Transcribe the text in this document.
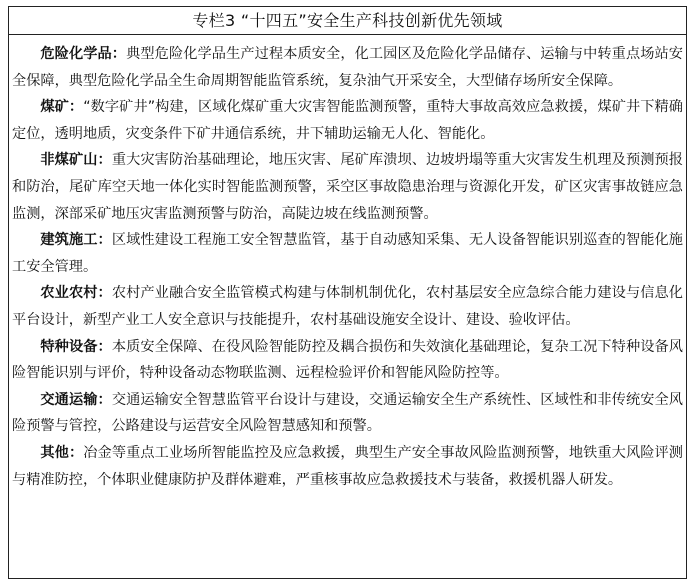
专栏3 “十四五”安全生产科技创新优先领域

危险化学品：典型危险化学品生产过程本质安全，化工园区及危险化学品储存、运输与中转重点场站安全保障，典型危险化学品全生命周期智能监管系统，复杂油气开采安全，大型储存场所安全保障。

煤矿：“数字矿井”构建，区域化煤矿重大灾害智能监测预警，重特大事故高效应急救援，煤矿井下精确定位，透明地质，灾变条件下矿井通信系统，井下辅助运输无人化、智能化。

非煤矿山：重大灾害防治基础理论，地压灾害、尾矿库溃坝、边坡坍塌等重大灾害发生机理及预测预报和防治，尾矿库空天地一体化实时智能监测预警，采空区事故隐患治理与资源化开发，矿区灾害事故链应急监测，深部采矿地压灾害监测预警与防治，高陡边坡在线监测预警。

建筑施工：区域性建设工程施工安全智慧监管，基于自动感知采集、无人设备智能识别巡查的智能化施工安全管理。

农业农村：农村产业融合安全监管模式构建与体制机制优化，农村基层安全应急综合能力建设与信息化平台设计，新型产业工人安全意识与技能提升，农村基础设施安全设计、建设、验收评估。

特种设备：本质安全保障、在役风险智能防控及耦合损伤和失效演化基础理论，复杂工况下特种设备风险智能识别与评价，特种设备动态物联监测、远程检验评价和智能风险防控等。

交通运输：交通运输安全智慧监管平台设计与建设，交通运输安全生产系统性、区域性和非传统安全风险预警与管控，公路建设与运营安全风险智慧感知和预警。

其他：冶金等重点工业场所智能监控及应急救援，典型生产安全事故风险监测预警，地铁重大风险评测与精准防控，个体职业健康防护及群体避难，严重核事故应急救援技术与装备，救援机器人研发。
